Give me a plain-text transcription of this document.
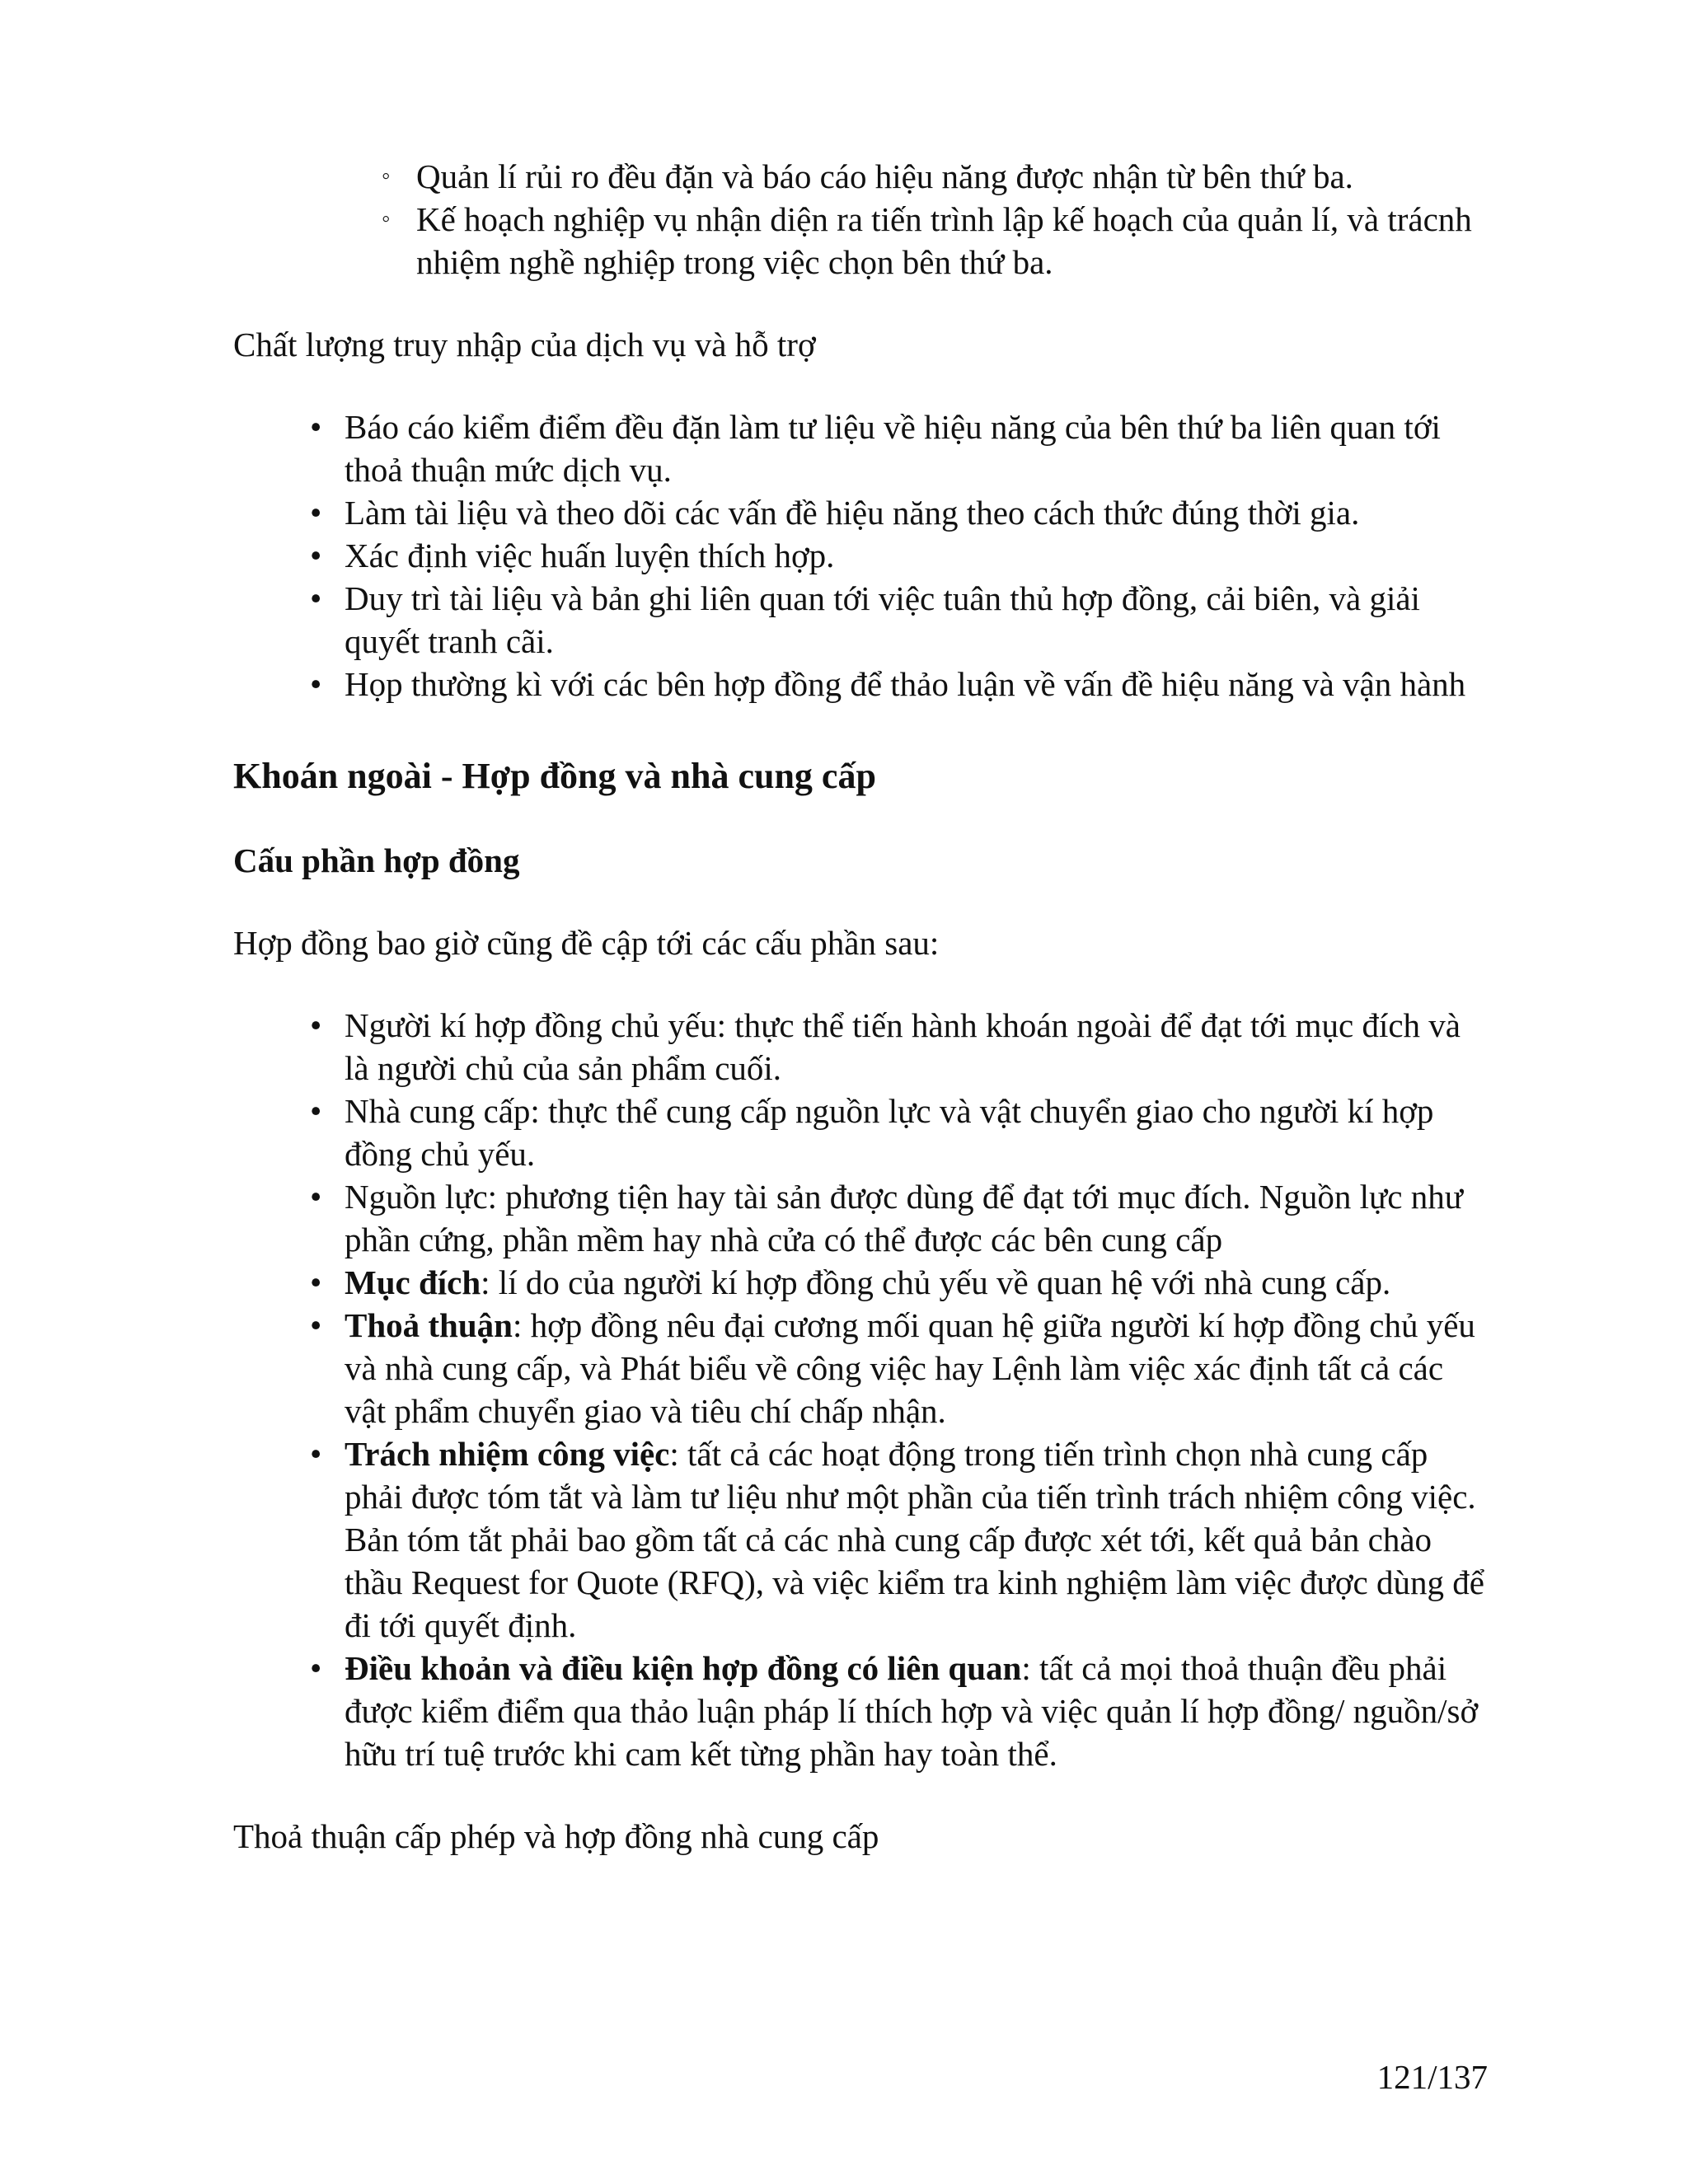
◦ Quản lí rủi ro đều đặn và báo cáo hiệu năng được nhận từ bên thứ ba.
◦ Kế hoạch nghiệp vụ nhận diện ra tiến trình lập kế hoạch của quản lí, và trácnh nhiệm nghề nghiệp trong việc chọn bên thứ ba.

Chất lượng truy nhập của dịch vụ và hỗ trợ

• Báo cáo kiểm điểm đều đặn làm tư liệu về hiệu năng của bên thứ ba liên quan tới thoả thuận mức dịch vụ.
• Làm tài liệu và theo dõi các vấn đề hiệu năng theo cách thức đúng thời gia.
• Xác định việc huấn luyện thích hợp.
• Duy trì tài liệu và bản ghi liên quan tới việc tuân thủ hợp đồng, cải biên, và giải quyết tranh cãi.
• Họp thường kì với các bên hợp đồng để thảo luận về vấn đề hiệu năng và vận hành
Khoán ngoài - Hợp đồng và nhà cung cấp
Cấu phần hợp đồng

Hợp đồng bao giờ cũng đề cập tới các cấu phần sau:

• Người kí hợp đồng chủ yếu: thực thể tiến hành khoán ngoài để đạt tới mục đích và là người chủ của sản phẩm cuối.
• Nhà cung cấp: thực thể cung cấp nguồn lực và vật chuyển giao cho người kí hợp đồng chủ yếu.
• Nguồn lực: phương tiện hay tài sản được dùng để đạt tới mục đích. Nguồn lực như phần cứng, phần mềm hay nhà cửa có thể được các bên cung cấp
• Mục đích: lí do của người kí hợp đồng chủ yếu về quan hệ với nhà cung cấp.
• Thoả thuận: hợp đồng nêu đại cương mối quan hệ giữa người kí hợp đồng chủ yếu và nhà cung cấp, và Phát biểu về công việc hay Lệnh làm việc xác định tất cả các vật phẩm chuyển giao và tiêu chí chấp nhận.
• Trách nhiệm công việc: tất cả các hoạt động trong tiến trình chọn nhà cung cấp phải được tóm tắt và làm tư liệu như một phần của tiến trình trách nhiệm công việc. Bản tóm tắt phải bao gồm tất cả các nhà cung cấp được xét tới, kết quả bản chào thầu Request for Quote (RFQ), và việc kiểm tra kinh nghiệm làm việc được dùng để đi tới quyết định.
• Điều khoản và điều kiện hợp đồng có liên quan: tất cả mọi thoả thuận đều phải được kiểm điểm qua thảo luận pháp lí thích hợp và việc quản lí hợp đồng/ nguồn/sở hữu trí tuệ trước khi cam kết từng phần hay toàn thể.

Thoả thuận cấp phép và hợp đồng nhà cung cấp

121/137
